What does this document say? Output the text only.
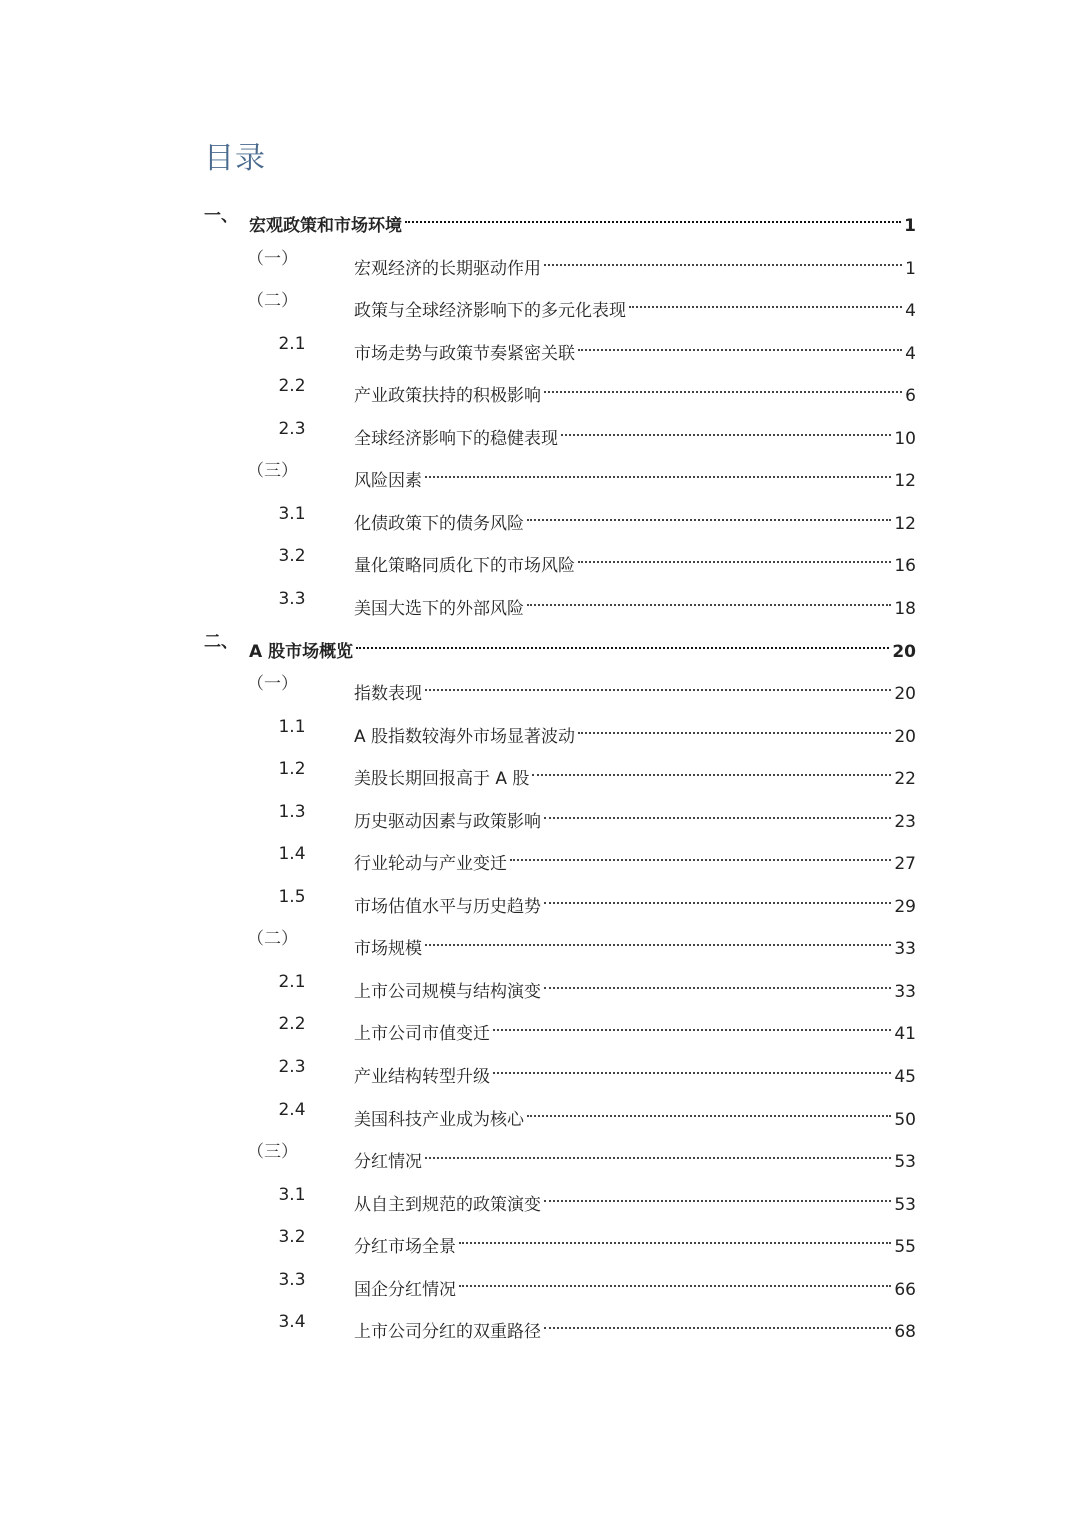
目录
一、 宏观政策和市场环境	1
（一）	宏观经济的长期驱动作用	1
（二）	政策与全球经济影响下的多元化表现	4
2.1	市场走势与政策节奏紧密关联	4
2.2	产业政策扶持的积极影响	6
2.3	全球经济影响下的稳健表现	10
（三）	风险因素	12
3.1	化债政策下的债务风险	12
3.2	量化策略同质化下的市场风险	16
3.3	美国大选下的外部风险	18
二、 A 股市场概览	20
（一）	指数表现	20
1.1	A 股指数较海外市场显著波动	20
1.2	美股长期回报高于 A 股	22
1.3	历史驱动因素与政策影响	23
1.4	行业轮动与产业变迁	27
1.5	市场估值水平与历史趋势	29
（二）	市场规模	33
2.1	上市公司规模与结构演变	33
2.2	上市公司市值变迁	41
2.3	产业结构转型升级	45
2.4	美国科技产业成为核心	50
（三）	分红情况	53
3.1	从自主到规范的政策演变	53
3.2	分红市场全景	55
3.3	国企分红情况	66
3.4	上市公司分红的双重路径	68
